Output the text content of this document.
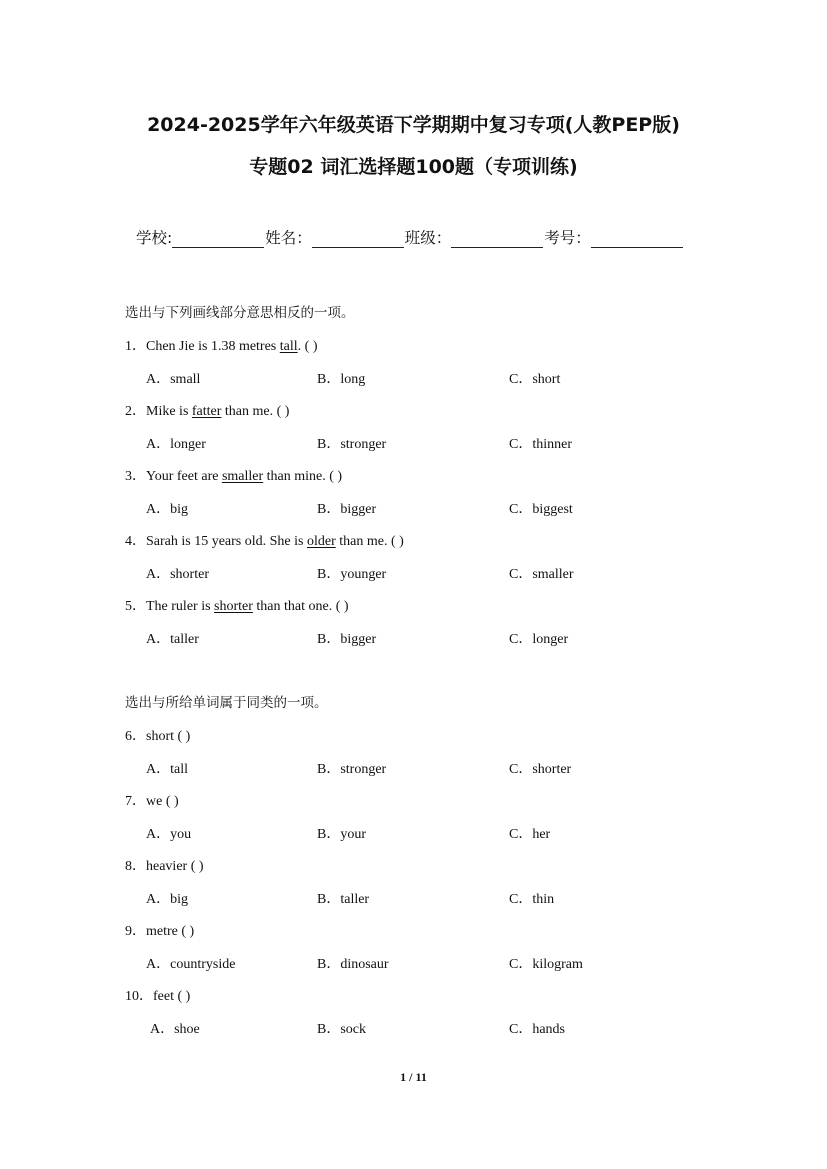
2024-2025学年六年级英语下学期期中复习专项(人教PEP版)
专题02 词汇选择题100题（专项训练)
学校:	姓名：	班级：	考号：
选出与下列画线部分意思相反的一项。
1．Chen Jie is 1.38 metres tall. ( )
A．small	B．long	C．short
2．Mike is fatter than me. ( )
A．longer	B．stronger	C．thinner
3．Your feet are smaller than mine. ( )
A．big	B．bigger	C．biggest
4．Sarah is 15 years old. She is older than me. ( )
A．shorter	B．younger	C．smaller
5．The ruler is shorter than that one. ( )
A．taller	B．bigger	C．longer
选出与所给单词属于同类的一项。
6．short ( )
A．tall	B．stronger	C．shorter
7．we ( )
A．you	B．your	C．her
8．heavier ( )
A．big	B．taller	C．thin
9．metre ( )
A．countryside	B．dinosaur	C．kilogram
10．feet ( )
A．shoe	B．sock	C．hands
1 / 11
